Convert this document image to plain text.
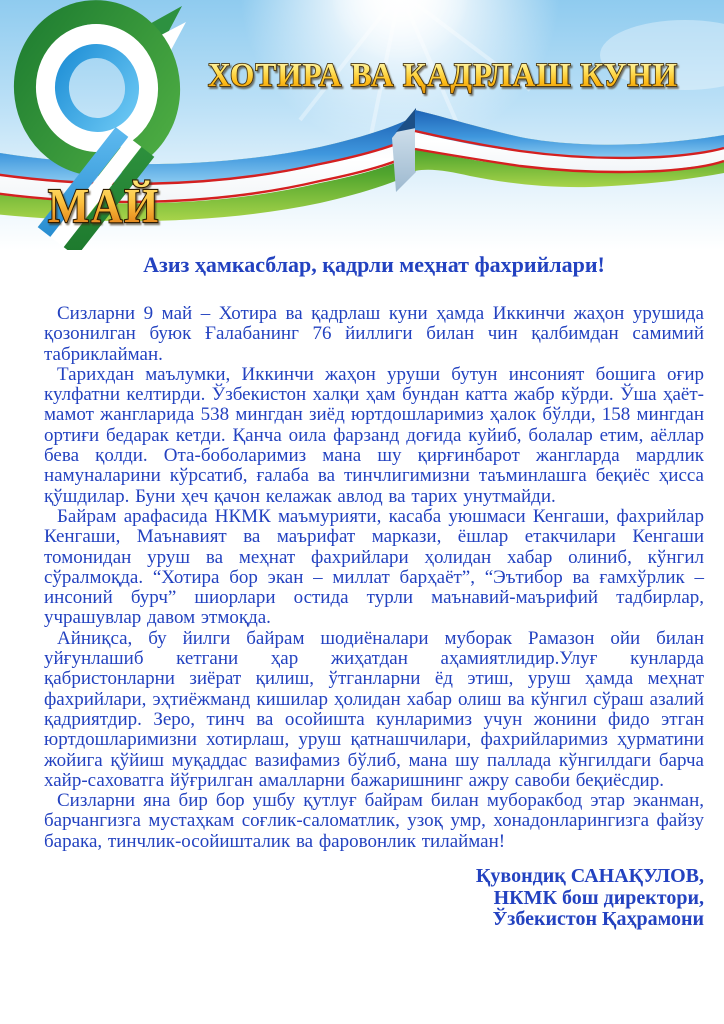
МАЙ
ХОТИРА ВА ҚАДРЛАШ КУНИ
Азиз ҳамкасблар, қадрли меҳнат фахрийлари!

Сизларни 9 май – Хотира ва қадрлаш куни ҳамда Иккинчи жаҳон урушида қозонилган буюк Ғалабанинг 76 йиллиги билан чин қалбимдан самимий табриклайман.

Тарихдан маълумки, Иккинчи жаҳон уруши бутун инсоният бошига оғир кулфатни келтирди. Ўзбекистон халқи ҳам бундан катта жабр кўрди. Ўша ҳаёт-мамот жангларида 538 мингдан зиёд юртдошларимиз ҳалок бўлди, 158 мингдан ортиғи бедарак кетди. Қанча оила фарзанд доғида куйиб, болалар етим, аёллар бева қолди. Ота-боболаримиз мана шу қирғинбарот жангларда мардлик намуналарини кўрсатиб, ғалаба ва тинчлигимизни таъминлашга беқиёс ҳисса қўшдилар. Буни ҳеч қачон келажак авлод ва тарих унутмайди.

Байрам арафасида НКМК маъмурияти, касаба уюшмаси Кенгаши, фахрийлар Кенгаши, Маънавият ва маърифат маркази, ёшлар етакчилари Кенгаши томонидан уруш ва меҳнат фахрийлари ҳолидан хабар олиниб, кўнгил сўралмоқда. “Хотира бор экан – миллат барҳаёт”, “Эътибор ва ғамхўрлик – инсоний бурч” шиорлари остида турли маънавий-маърифий тадбирлар, учрашувлар давом этмоқда.

Айниқса, бу йилги байрам шодиёналари муборак Рамазон ойи билан уйғунлашиб кетгани ҳар жиҳатдан аҳамиятлидир.Улуғ кунларда қабристонларни зиёрат қилиш, ўтганларни ёд этиш, уруш ҳамда меҳнат фахрийлари, эҳтиёжманд кишилар ҳолидан хабар олиш ва кўнгил сўраш азалий қадриятдир. Зеро, тинч ва осойишта кунларимиз учун жонини фидо этган юртдошларимизни хотирлаш, уруш қатнашчилари, фахрийларимиз ҳурматини жойига қўйиш муқаддас вазифамиз бўлиб, мана шу паллада кўнгилдаги барча хайр-саховатга йўғрилган амалларни бажаришнинг ажру савоби беқиёсдир.

Сизларни яна бир бор ушбу қутлуғ байрам билан муборакбод этар эканман, барчангизга мустаҳкам соғлик-саломатлик, узоқ умр, хонадонларингизга файзу барака, тинчлик-осойишталик ва фаровонлик тилайман!

Қувондиқ САНАҚУЛОВ,
НКМК бош директори,
Ўзбекистон Қаҳрамони
